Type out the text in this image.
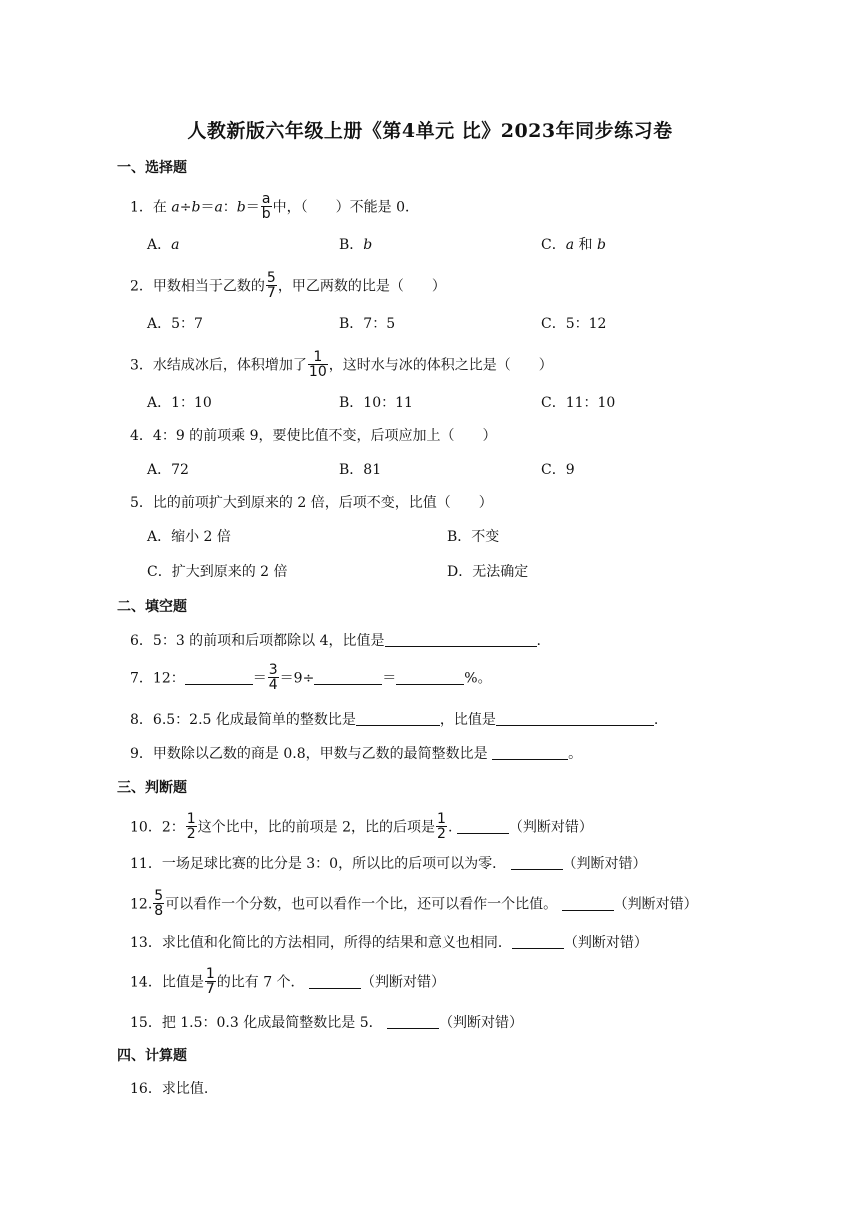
人教新版六年级上册《第4单元 比》2023年同步练习卷
一、选择题
1．在 a÷b＝a：$b= \frac{a}{b}$ 中，（　　）不能是 0．
A．a	B．b	C．a 和 b
2．甲数相当于乙数的 $\frac{5}{7}$ ，甲乙两数的比是（　　）
A．5：7	B．7：5	C．5：12
3．水结成冰后，体积增加了 $\frac{1}{10}$ ，这时水与冰的体积之比是（　　）
A．1：10	B．10：11	C．11：10
4．4：9 的前项乘 9，要使比值不变，后项应加上（　　）
A．72	B．81	C．9
5．比的前项扩大到原来的 2 倍，后项不变，比值（　　）
A．缩小 2 倍	B．不变
C．扩大到原来的 2 倍	D．无法确定
二、填空题
6．5：3 的前项和后项都除以 4，比值是	.
7．12：	＝ $\frac{3}{4} =9\div$	＝	%。
8．6.5：2.5 化成最简单的整数比是	，比值是	.
9．甲数除以乙数的商是 0.8，甲数与乙数的最简整数比是	。
三、判断题
10．2： $\frac{1}{2}$ 这个比中，比的前项是 2，比的后项是 $\frac{1}{2}$ .	（判断对错）
11．一场足球比赛的比分是 3：0，所以比的后项可以为零．	（判断对错）
12. $\frac{5}{8}$ 可以看作一个分数，也可以看作一个比，还可以看作一个比值。	（判断对错）
13．求比值和化简比的方法相同，所得的结果和意义也相同．	（判断对错）
14．比值是 $\frac{1}{7}$ 的比有 7 个．	（判断对错）
15．把 1.5：0.3 化成最简整数比是 5．	（判断对错）
四、计算题
16．求比值.
